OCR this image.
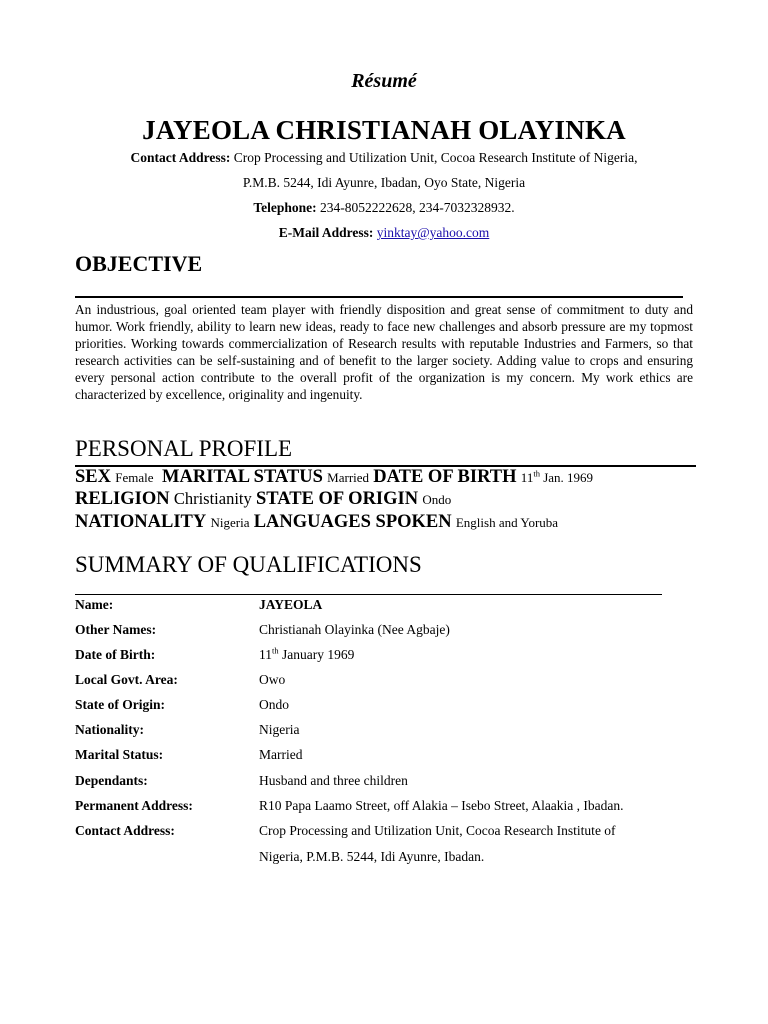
Résumé
JAYEOLA CHRISTIANAH OLAYINKA
Contact Address: Crop Processing and Utilization Unit, Cocoa Research Institute of Nigeria,
P.M.B. 5244, Idi Ayunre, Ibadan, Oyo State, Nigeria
Telephone: 234-8052222628, 234-7032328932.
E-Mail Address: yinktay@yahoo.com
OBJECTIVE
An industrious, goal oriented team player with friendly disposition and great sense of commitment to duty and humor. Work friendly, ability to learn new ideas, ready to face new challenges and absorb pressure are my topmost priorities. Working towards commercialization of Research results with reputable Industries and Farmers, so that research activities can be self-sustaining and of benefit to the larger society. Adding value to crops and ensuring every personal action contribute to the overall profit of the organization is my concern. My work ethics are characterized by excellence, originality and ingenuity.
PERSONAL PROFILE
SEX Female MARITAL STATUS Married DATE OF BIRTH 11th Jan. 1969
RELIGION Christianity STATE OF ORIGIN Ondo
NATIONALITY Nigeria LANGUAGES SPOKEN English and Yoruba
SUMMARY OF QUALIFICATIONS
Name:	JAYEOLA
Other Names:	Christianah Olayinka (Nee Agbaje)
Date of Birth:	11th January 1969
Local Govt. Area:	Owo
State of Origin:	Ondo
Nationality:	Nigeria
Marital Status:	Married
Dependants:	Husband and three children
Permanent Address:	R10 Papa Laamo Street, off Alakia – Isebo Street, Alaakia , Ibadan.
Contact Address:	Crop Processing and Utilization Unit, Cocoa Research Institute of
Nigeria, P.M.B. 5244, Idi Ayunre, Ibadan.
